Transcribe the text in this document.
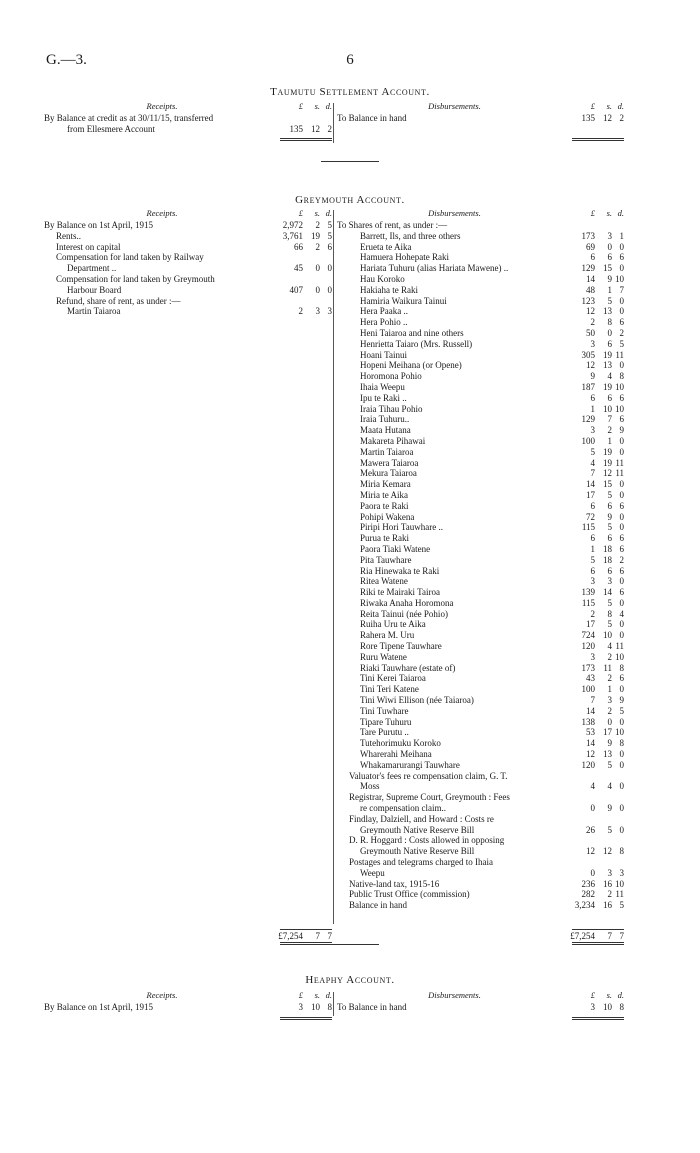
G.—3.	6
Taumutu Settlement Account.
Receipts.	£	s. d.
By Balance at credit as at 30/11/15, transferred
from Ellesmere Account	135 12 2
Disbursements.	£	s. d.
To Balance in hand	135 12 2
Greymouth Account.
Receipts.	£	s. d.
By Balance on 1st April, 1915	2,972	2 5
Rents..	3,761 19 5
Interest on capital	66	2 6
Compensation for land taken by Railway
Department ..	45	0 0
Compensation for land taken by Greymouth
Harbour Board	407	0 0
Refund, share of rent, as under :—
Martin Taiaroa	2	3 3
Disbursements.	£	s. d.
To Shares of rent, as under :—
Barrett, Ils, and three others	173	3 1
Erueta te Aika	69	0 0
Hamuera Hohepate Raki	6	6 6
Hariata Tuhuru (alias Hariata Mawene) ..	129 15 0
Hau Koroko	14	9 10
Hakiaha te Raki	48	1 7
Hamiria Waikura Tainui	123	5 0
Hera Paaka ..	12 13 0
Hera Pohio ..	2	8 6
Heni Taiaroa and nine others	50	0 2
Henrietta Taiaro (Mrs. Russell)	3	6 5
Hoani Tainui	305 19 11
Hopeni Meihana (or Opene)	12 13 0
Horomona Pohio	9	4 8
Ihaia Weepu	187 19 10
Ipu te Raki ..	6	6 6
Iraia Tihau Pohio	1 10 10
Iraia Tuhuru..	129	7 6
Maata Hutana	3	2 9
Makareta Pihawai	100	1 0
Martin Taiaroa	5 19 0
Mawera Taiaroa	4 19 11
Mekura Taiaroa	7 12 11
Miria Kemara	14 15 0
Miria te Aika	17	5 0
Paora te Raki	6	6 6
Pohipi Wakena	72	9 0
Piripi Hori Tauwhare ..	115	5 0
Purua te Raki	6	6 6
Paora Tiaki Watene	1 18 6
Pita Tauwhare	5 18 2
Ria Hinewaka te Raki	6	6 6
Ritea Watene	3	3 0
Riki te Mairaki Tairoa	139 14 6
Riwaka Anaha Horomona	115	5 0
Reita Tainui (née Pohio)	2	8 4
Ruiha Uru te Aika	17	5 0
Rahera M. Uru	724 10 0
Rore Tipene Tauwhare	120	4 11
Ruru Watene	3	2 10
Riaki Tauwhare (estate of)	173 11 8
Tini Kerei Taiaroa	43	2 6
Tini Teri Katene	100	1 0
Tini Wiwi Ellison (née Taiaroa)	7	3 9
Tini Tuwhare	14	2 5
Tipare Tuhuru	138	0 0
Tare Purutu ..	53 17 10
Tutehorimuku Koroko	14	9 8
Wharerahi Meihana	12 13 0
Whakamarurangi Tauwhare	120	5 0
Valuator's fees re compensation claim, G. T.
Moss	4	4 0
Registrar, Supreme Court, Greymouth : Fees
re compensation claim..	0	9 0
Findlay, Dalziell, and Howard : Costs re
Greymouth Native Reserve Bill	26	5 0
D. R. Hoggard : Costs allowed in opposing
Greymouth Native Reserve Bill	12 12 8
Postages and telegrams charged to Ihaia
Weepu	0	3 3
Native-land tax, 1915-16	236 16 10
Public Trust Office (commission)	282	2 11
Balance in hand	3,234 16 5
£7,254	7 7	£7,254	7 7
Heaphy Account.
Receipts.	£	s. d.
By Balance on 1st April, 1915	3 10 8
Disbursements.	£	s. d.
To Balance in hand	3 10 8
